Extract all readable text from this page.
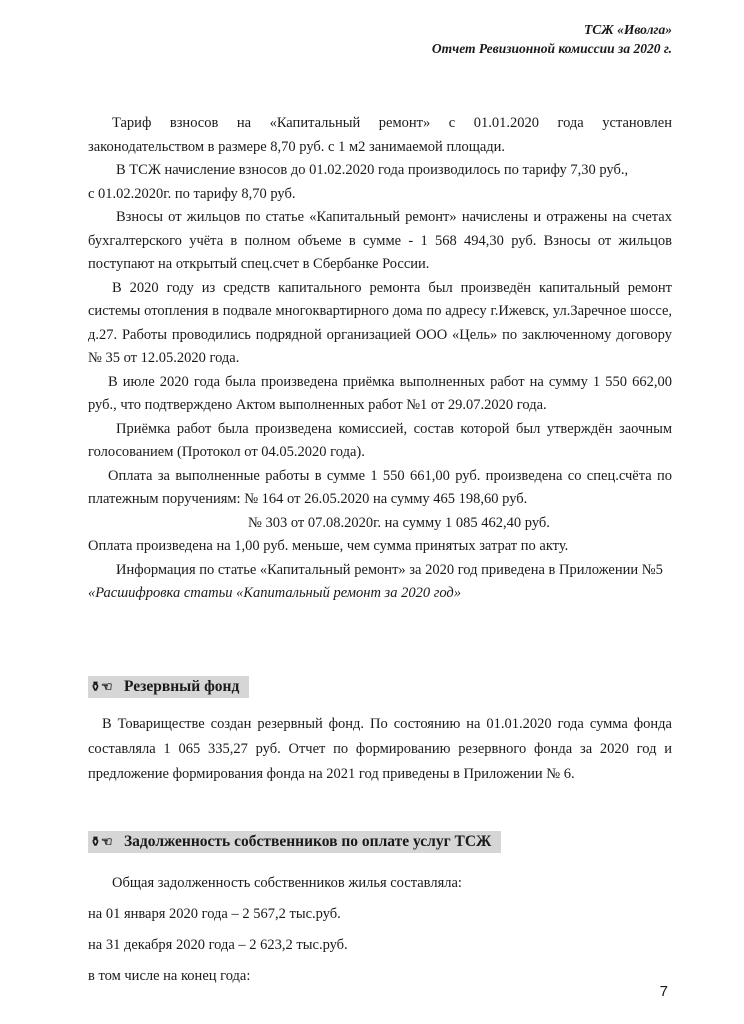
ТСЖ «Иволга»
Отчет Ревизионной комиссии за 2020 г.

Тариф взносов на «Капитальный ремонт» с 01.01.2020 года установлен законодательством в размере 8,70 руб. с 1 м2 занимаемой площади.

В ТСЖ начисление взносов до 01.02.2020 года производилось по тарифу 7,30 руб.,

с 01.02.2020г. по тарифу 8,70 руб.

Взносы от жильцов по статье «Капитальный ремонт» начислены и отражены на счетах бухгалтерского учёта в полном объеме в сумме - 1 568 494,30 руб. Взносы от жильцов поступают на открытый спец.счет в Сбербанке России.

В 2020 году из средств капитального ремонта был произведён капитальный ремонт системы отопления в подвале многоквартирного дома по адресу г.Ижевск, ул.Заречное шоссе, д.27. Работы проводились подрядной организацией ООО «Цель» по заключенному договору № 35 от 12.05.2020 года.

В июле 2020 года была произведена приёмка выполненных работ на сумму 1 550 662,00 руб., что подтверждено Актом выполненных работ №1 от 29.07.2020 года.

Приёмка работ была произведена комиссией, состав которой был утверждён заочным голосованием (Протокол от 04.05.2020 года).

Оплата за выполненные работы в сумме 1 550 661,00 руб. произведена со спец.счёта по платежным поручениям: № 164 от 26.05.2020 на сумму 465 198,60 руб.

№ 303 от 07.08.2020г. на сумму 1 085 462,40 руб.

Оплата произведена на 1,00 руб. меньше, чем сумма принятых затрат по акту.

Информация по статье «Капитальный ремонт» за 2020 год приведена в Приложении №5

«Расшифровка статьи «Капитальный ремонт за 2020 год»

⚱☜ Резервный фонд

В Товариществе создан резервный фонд. По состоянию на 01.01.2020 года сумма фонда составляла 1 065 335,27 руб. Отчет по формированию резервного фонда за 2020 год и предложение формирования фонда на 2021 год приведены в Приложении № 6.

⚱☜ Задолженность собственников по оплате услуг ТСЖ

Общая задолженность собственников жилья составляла:

на 01 января 2020 года – 2 567,2 тыс.руб.

на 31 декабря 2020 года – 2 623,2 тыс.руб.

в том числе на конец года:

7
